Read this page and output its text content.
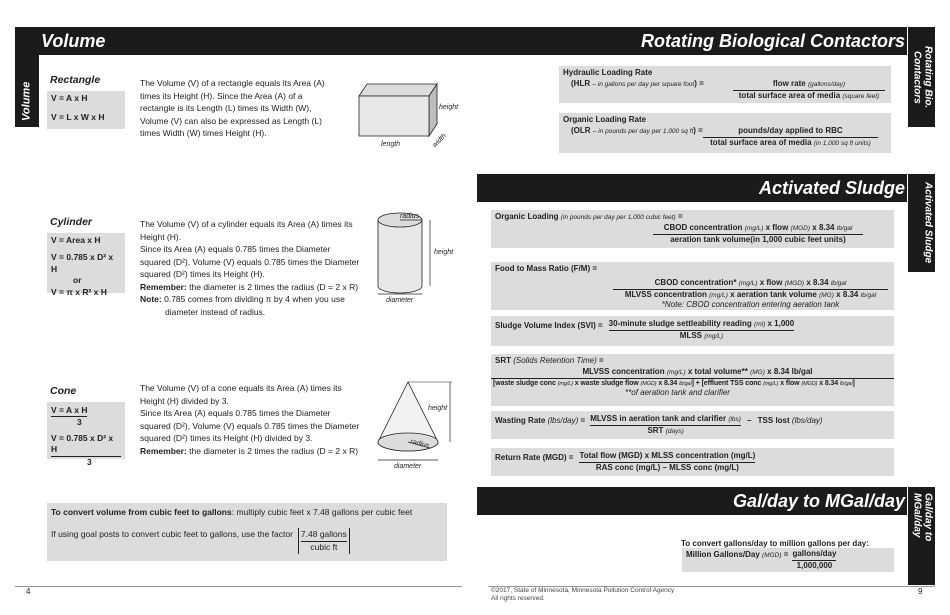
Volume
Volume
Rectangle
V = A x H
V = L x W x H
The Volume (V) of a rectangle equals its Area (A) times its Height (H). Since the Area (A) of a rectangle is its Length (L) times its Width (W), Volume (V) can also be expressed as Length (L) times Width (W) times Height (H).
height
length	width
Cylinder
V = Area x H
V = 0.785 x D² x H
or
V = π x R² x H
The Volume (V) of a cylinder equals its Area (A) times its Height (H).
Since its Area (A) equals 0.785 times the Diameter squared (D²), Volume (V) equals 0.785 times the Diameter squared (D²) times its Height (H).
Remember: the diameter is 2 times the radius (D = 2 x R)
Note: 0.785 comes from dividing π by 4 when you use diameter instead of radius.
radius
height
diameter
Cone
V = A x H
3
V = 0.785 x D² x H
3
The Volume (V) of a cone equals its Area (A) times its Height (H) divided by 3.
Since its Area (A) equals 0.785 times the Diameter squared (D²), Volume (V) equals 0.785 times the Diameter squared (D²) times its Height (H) divided by 3.
Remember: the diameter is 2 times the radius (D = 2 x R)
radius
height
diameter
To convert volume from cubic feet to gallons: multiply cubic feet x 7.48 gallons per cubic feet
If using goal posts to convert cubic feet to gallons, use the factor 7.48 gallons
cubic ft
4
Rotating Biological Contactors
Rotating Bio. Contactors
Hydraulic Loading Rate
(HLR – in gallons per day per square foot) =	flow rate (gallons/day)
total surface area of media (square feet)
Organic Loading Rate
(OLR – in pounds per day per 1,000 sq ft) =	pounds/day applied to RBC
total surface area of media (in 1,000 sq ft units)
Activated Sludge	Activated Sludge
Organic Loading (in pounds per day per 1,000 cubic feet) =
CBOD concentration (mg/L) x flow (MGD) x 8.34 lb/gal
aeration tank volume(in 1,000 cubic feet units)
Food to Mass Ratio (F/M) =
CBOD concentration* (mg/L) x flow (MGD) x 8.34 lb/gal
MLVSS concentration (mg/L) x aeration tank volume (MG) x 8.34 lb/gal
*Note: CBOD concentration entering aeration tank
Sludge Volume Index (SVI) = 30-minute sludge settleability reading (ml) x 1,000
MLSS (mg/L)
SRT (Solids Retention Time) =
MLVSS concentration (mg/L) x total volume** (MG) x 8.34 lb/gal
[waste sludge conc (mg/L) x waste sludge flow (MGD) x 8.34 lb/gal] + [effluent TSS conc (mg/L) x flow (MGD) x 8.34 lb/gal]
**of aeration tank and clarifier
Wasting Rate (lbs/day) = MLVSS in aeration tank and clarifier (lbs)
SRT (days)
– TSS lost (lbs/day)
Return Rate (MGD) = Total flow (MGD) x MLSS concentration (mg/L)
RAS conc (mg/L) – MLSS conc (mg/L)
Gal/day to MGal/day	Gal/day to MGal/day
To convert gallons/day to million gallons per day:
Million Gallons/Day (MGD) = gallons/day
1,000,000
©2017, State of Minnesota, Minnesota Pollution Control Agency
All rights reserved.
9
